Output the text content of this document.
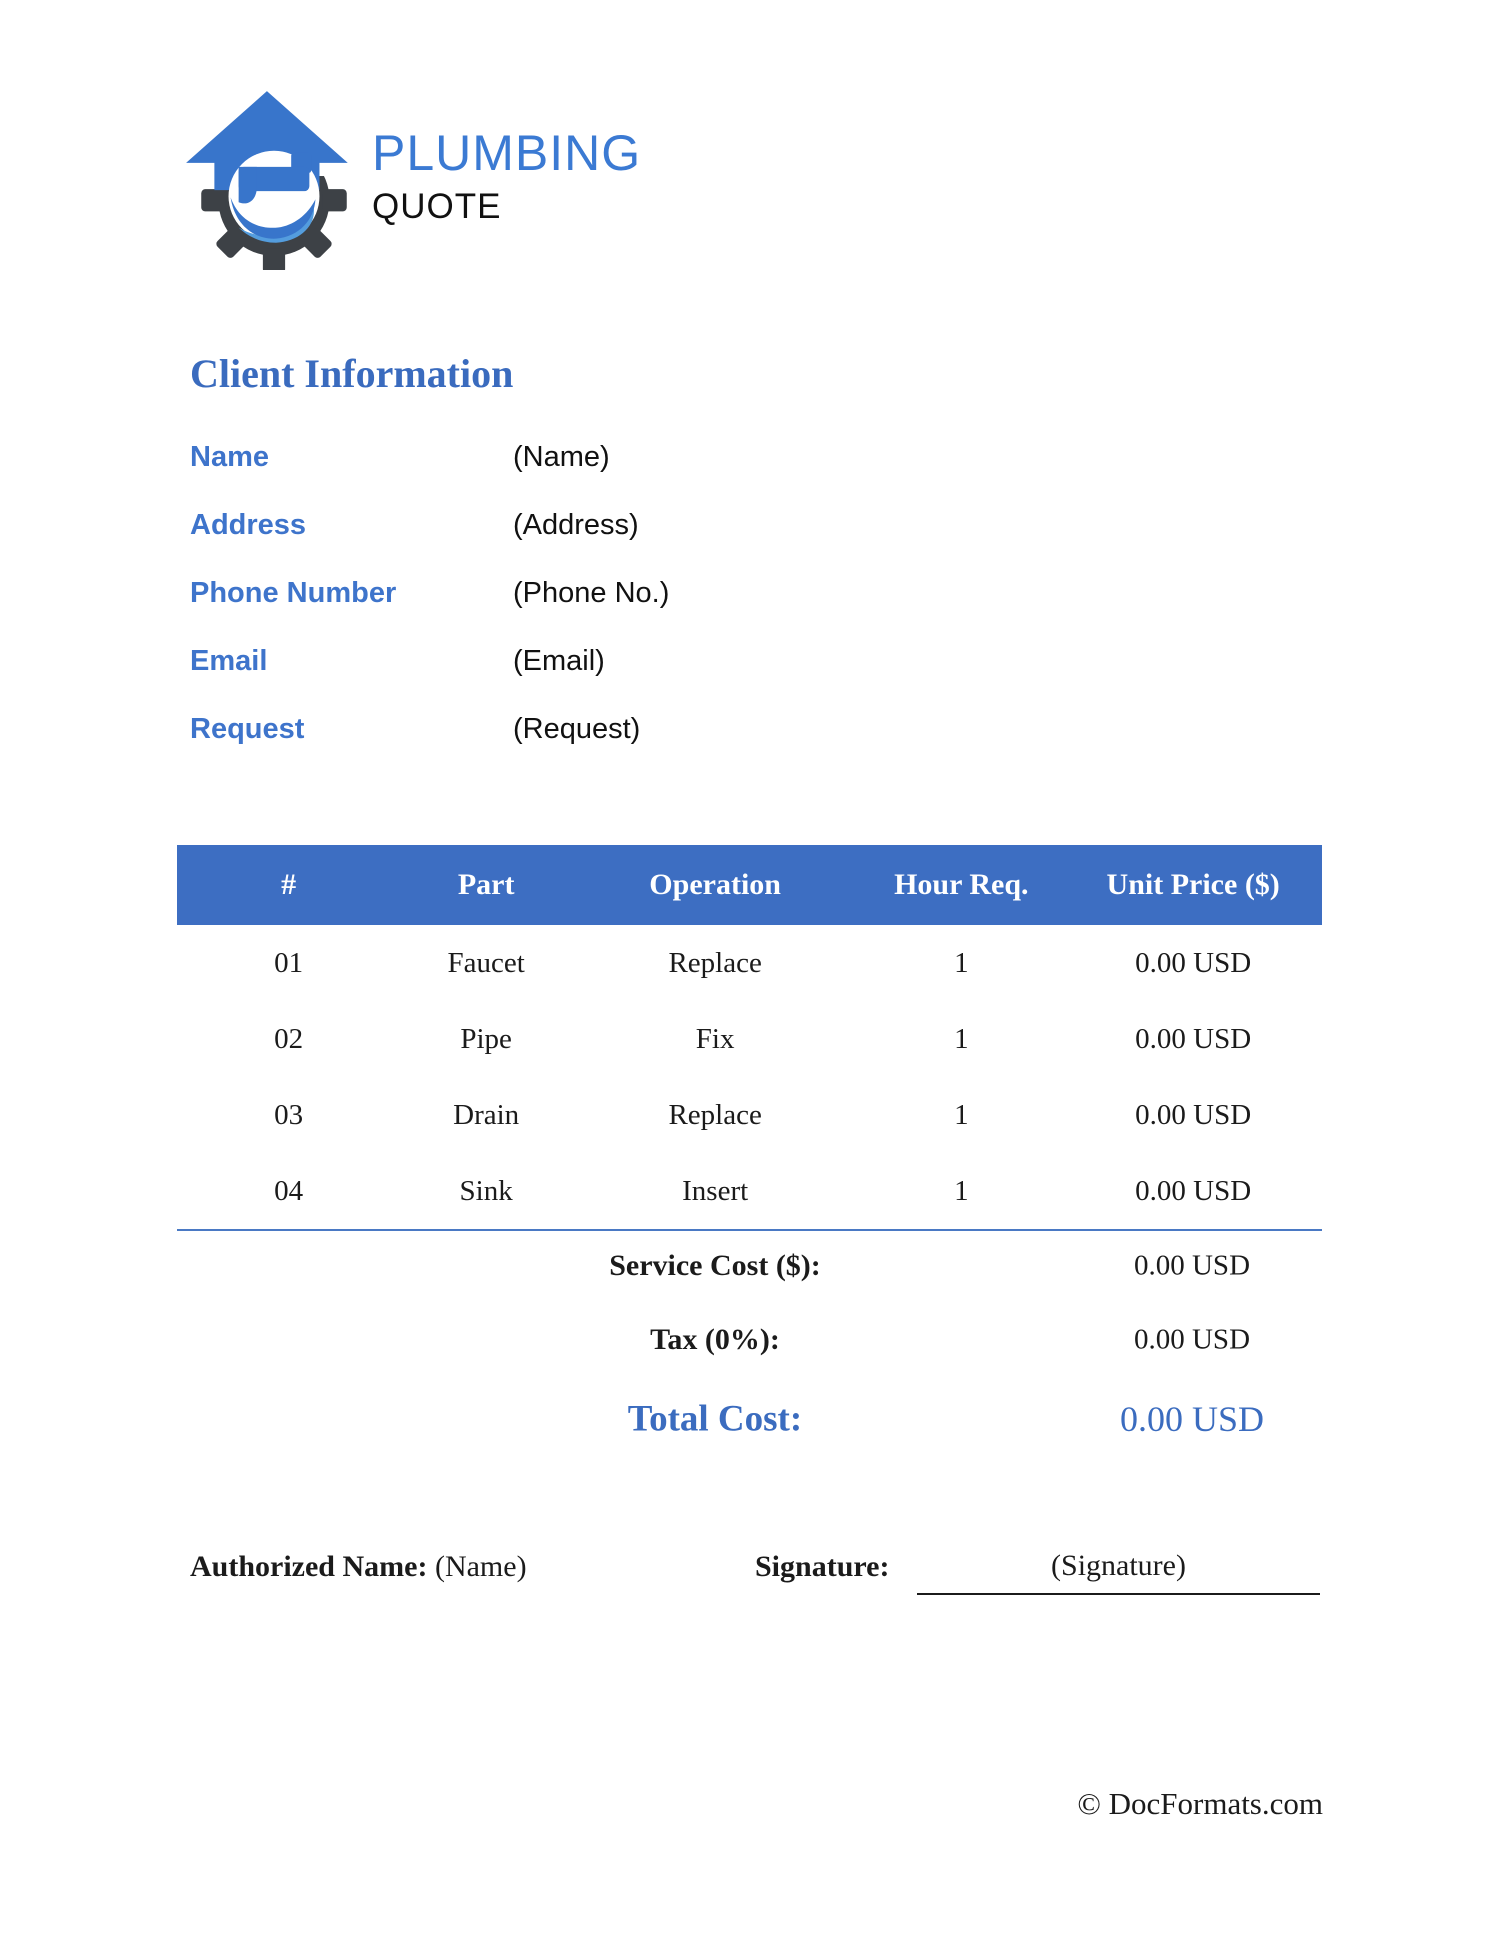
PLUMBING
QUOTE
Client Information
Name	(Name)
Address	(Address)
Phone Number	(Phone No.)
Email	(Email)
Request	(Request)
#	Part	Operation	Hour Req.	Unit Price ($)
01	Faucet	Replace	1	0.00 USD
02	Pipe	Fix	1	0.00 USD
03	Drain	Replace	1	0.00 USD
04	Sink	Insert	1	0.00 USD
Service Cost ($):	0.00 USD
Tax (0%):	0.00 USD
Total Cost:	0.00 USD
Authorized Name: (Name)	Signature:	(Signature)
© DocFormats.com
